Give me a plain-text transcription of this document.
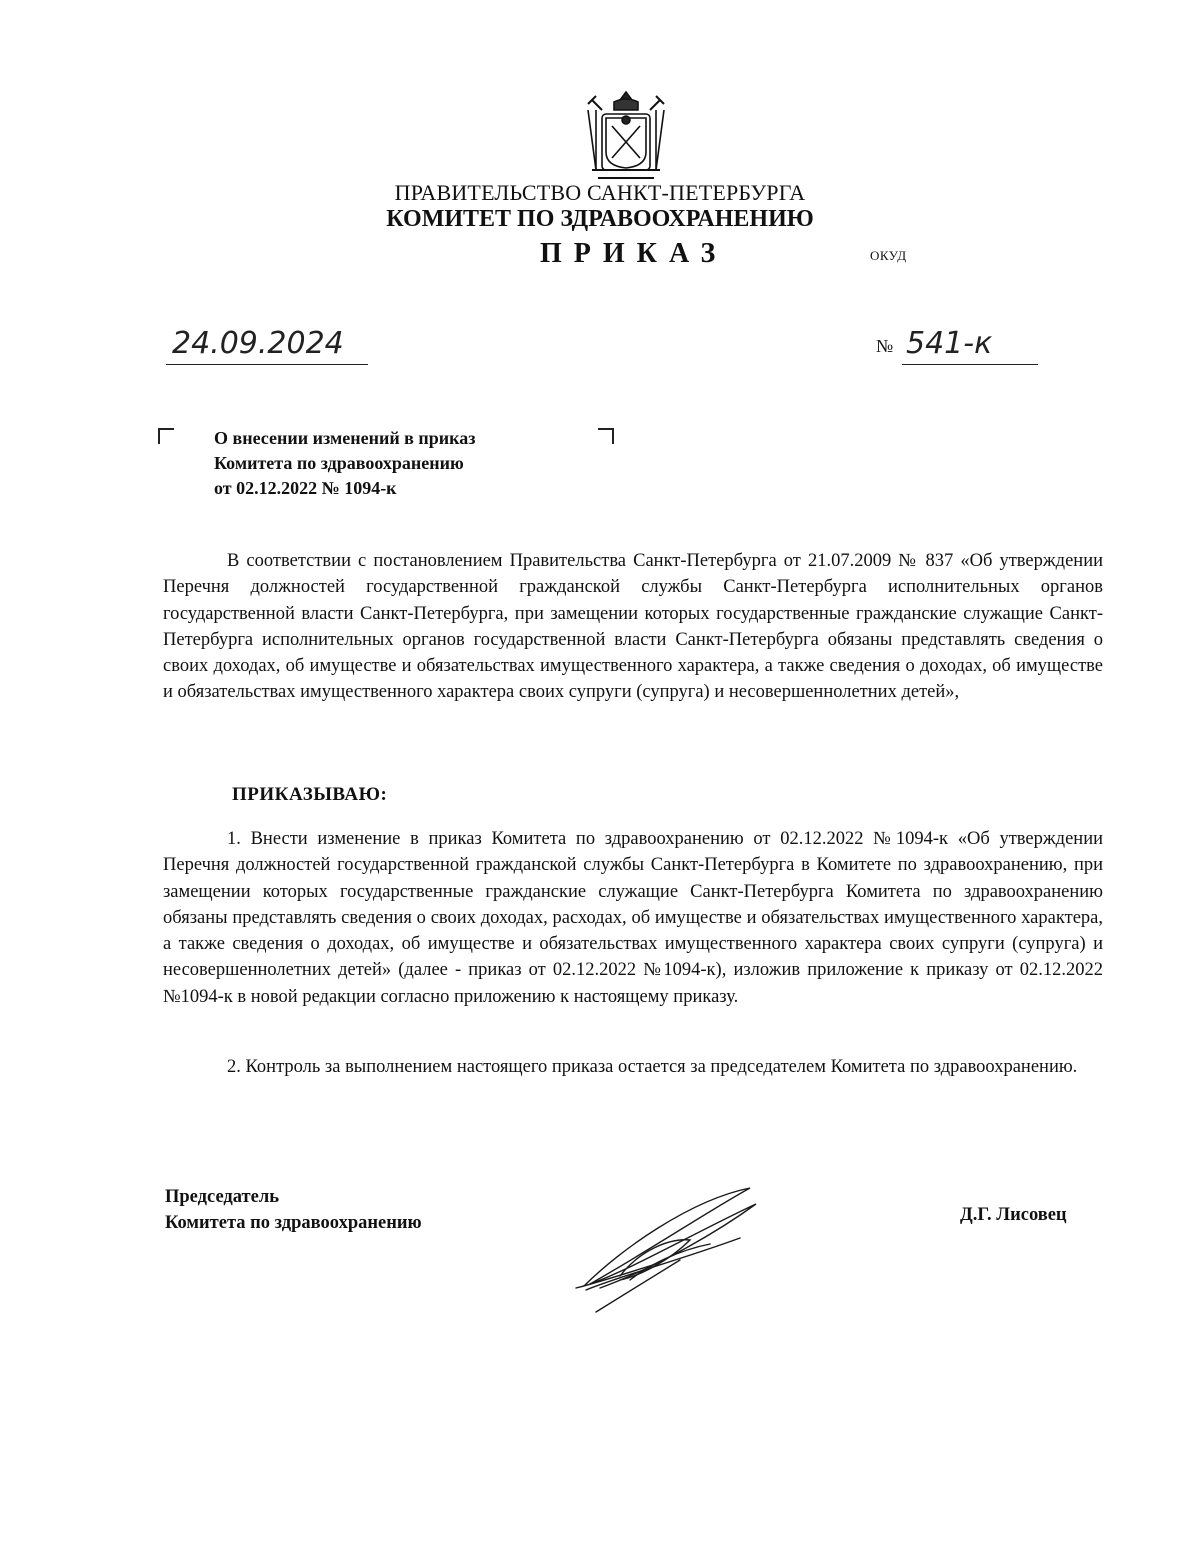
ПРАВИТЕЛЬСТВО САНКТ-ПЕТЕРБУРГА
КОМИТЕТ ПО ЗДРАВООХРАНЕНИЮ
ПРИКАЗ	ОКУД
24.09.2024	№ 541-к
О внесении изменений в приказ
Комитета по здравоохранению
от 02.12.2022 № 1094-к
В соответствии с постановлением Правительства Санкт-Петербурга от 21.07.2009 № 837 «Об утверждении Перечня должностей государственной гражданской службы Санкт-Петербурга исполнительных органов государственной власти Санкт-Петербурга, при замещении которых государственные гражданские служащие Санкт-Петербурга исполнительных органов государственной власти Санкт-Петербурга обязаны представлять сведения о своих доходах, об имуществе и обязательствах имущественного характера, а также сведения о доходах, об имуществе и обязательствах имущественного характера своих супруги (супруга) и несовершеннолетних детей»,
ПРИКАЗЫВАЮ:
1. Внести изменение в приказ Комитета по здравоохранению от 02.12.2022 №1094-к «Об утверждении Перечня должностей государственной гражданской службы Санкт-Петербурга в Комитете по здравоохранению, при замещении которых государственные гражданские служащие Санкт-Петербурга Комитета по здравоохранению обязаны представлять сведения о своих доходах, расходах, об имуществе и обязательствах имущественного характера, а также сведения о доходах, об имуществе и обязательствах имущественного характера своих супруги (супруга) и несовершеннолетних детей» (далее - приказ от 02.12.2022 №1094-к), изложив приложение к приказу от 02.12.2022 №1094-к в новой редакции согласно приложению к настоящему приказу.
2. Контроль за выполнением настоящего приказа остается за председателем Комитета по здравоохранению.
Председатель
Комитета по здравоохранению	Д.Г. Лисовец
